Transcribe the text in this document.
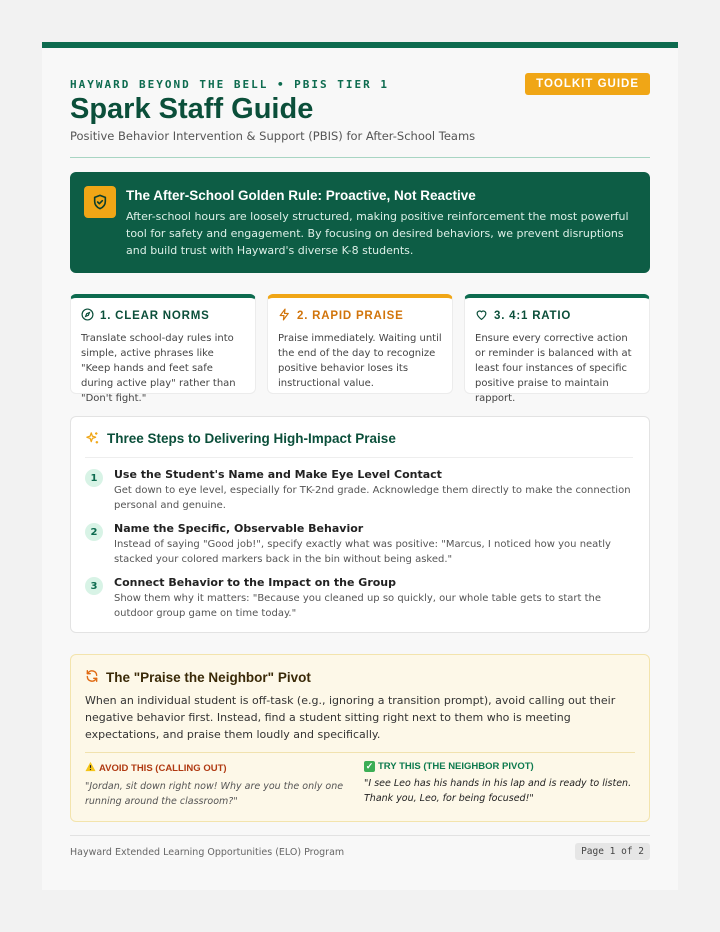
HAYWARD BEYOND THE BELL • PBIS TIER 1	TOOLKIT GUIDE
Spark Staff Guide
Positive Behavior Intervention & Support (PBIS) for After-School Teams
The After-School Golden Rule: Proactive, Not Reactive
After-school hours are loosely structured, making positive reinforcement the most powerful tool for safety and engagement. By focusing on desired behaviors, we prevent disruptions and build trust with Hayward's diverse K-8 students.
1. CLEAR NORMS
Translate school-day rules into simple, active phrases like "Keep hands and feet safe during active play" rather than "Don't fight."
2. RAPID PRAISE
Praise immediately. Waiting until the end of the day to recognize positive behavior loses its instructional value.
3. 4:1 RATIO
Ensure every corrective action or reminder is balanced with at least four instances of specific positive praise to maintain rapport.
Three Steps to Delivering High-Impact Praise
1	Use the Student's Name and Make Eye Level Contact
Get down to eye level, especially for TK-2nd grade. Acknowledge them directly to make the connection personal and genuine.
2	Name the Specific, Observable Behavior
Instead of saying "Good job!", specify exactly what was positive: "Marcus, I noticed how you neatly stacked your colored markers back in the bin without being asked."
3	Connect Behavior to the Impact on the Group
Show them why it matters: "Because you cleaned up so quickly, our whole table gets to start the outdoor group game on time today."
The "Praise the Neighbor" Pivot
When an individual student is off-task (e.g., ignoring a transition prompt), avoid calling out their negative behavior first. Instead, find a student sitting right next to them who is meeting expectations, and praise them loudly and specifically.
AVOID THIS (CALLING OUT)
"Jordan, sit down right now! Why are you the only one running around the classroom?"
✓ TRY THIS (THE NEIGHBOR PIVOT)
"I see Leo has his hands in his lap and is ready to listen. Thank you, Leo, for being focused!"
Hayward Extended Learning Opportunities (ELO) Program	Page 1 of 2
